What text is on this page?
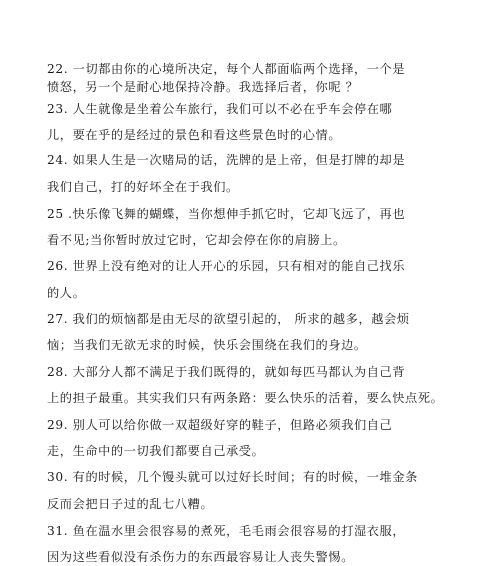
22. 一切都由你的心境所决定，每个人都面临两个选择，一个是
愤怒，另一个是耐心地保持冷静。我选择后者，你呢 ？
23. 人生就像是坐着公车旅行，我们可以不必在乎车会停在哪
儿，要在乎的是经过的景色和看这些景色时的心情。
24. 如果人生是一次赌局的话，洗牌的是上帝，但是打牌的却是
我们自己，打的好坏全在于我们。
25 .快乐像飞舞的蝴蝶，当你想伸手抓它时，它却飞远了，再也
看不见;当你暂时放过它时，它却会停在你的肩膀上。
26. 世界上没有绝对的让人开心的乐园，只有相对的能自己找乐
的人。
27. 我们的烦恼都是由无尽的欲望引起的， 所求的越多，越会烦
恼；当我们无欲无求的时候，快乐会围绕在我们的身边。
28. 大部分人都不满足于我们既得的，就如每匹马都认为自己背
上的担子最重。其实我们只有两条路：要么快乐的活着，要么快点死。
29. 别人可以给你做一双超级好穿的鞋子，但路必须我们自己
走，生命中的一切我们都要自己承受。
30. 有的时候，几个馒头就可以过好长时间；有的时候，一堆金条
反而会把日子过的乱七八糟。
31. 鱼在温水里会很容易的煮死，毛毛雨会很容易的打湿衣服，
因为这些看似没有杀伤力的东西最容易让人丧失警惕。
